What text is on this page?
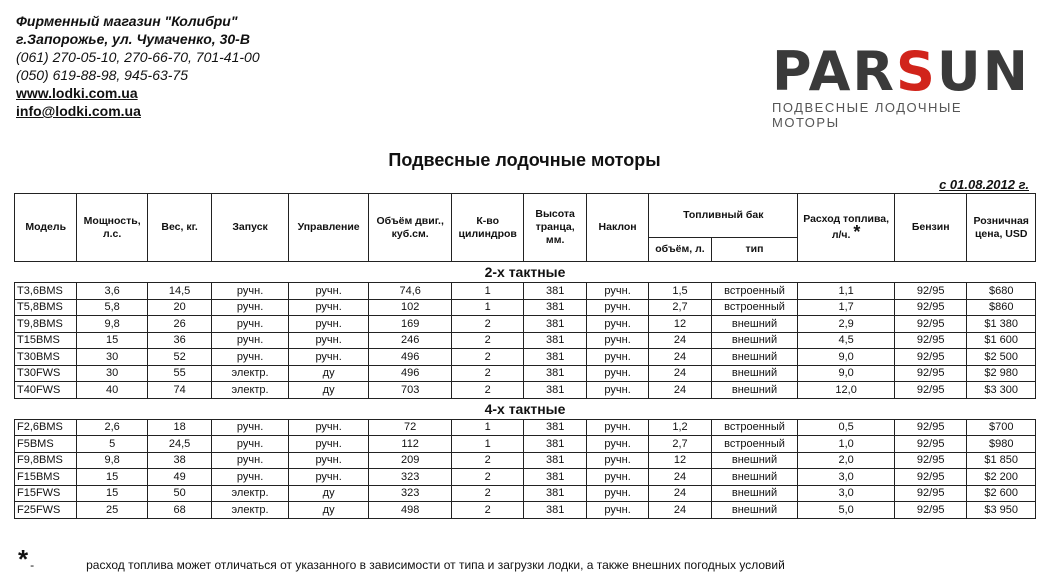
Фирменный магазин "Колибри"
г.Запорожье, ул. Чумаченко, 30-В
(061) 270-05-10, 270-66-70, 701-41-00
(050) 619-88-98, 945-63-75
www.lodki.com.ua
info@lodki.com.ua
PARSUN
ПОДВЕСНЫЕ ЛОДОЧНЫЕ МОТОРЫ
Подвесные лодочные моторы
с 01.08.2012 г.
Модель	Мощность, л.с.	Вес, кг.	Запуск	Управление	Объём двиг., куб.см.	К-во цилиндров	Высота транца, мм.	Наклон	Топливный бак		Расход топлива, л/ч. *	Бензин	Розничная цена, USD
									объём, л.	тип			
2-х тактные													
T3,6BMS	3,6	14,5	ручн.	ручн.	74,6	1	381	ручн.	1,5	встроенный	1,1	92/95	$680
T5,8BMS	5,8	20	ручн.	ручн.	102	1	381	ручн.	2,7	встроенный	1,7	92/95	$860
T9,8BMS	9,8	26	ручн.	ручн.	169	2	381	ручн.	12	внешний	2,9	92/95	$1 380
T15BMS	15	36	ручн.	ручн.	246	2	381	ручн.	24	внешний	4,5	92/95	$1 600
T30BMS	30	52	ручн.	ручн.	496	2	381	ручн.	24	внешний	9,0	92/95	$2 500
T30FWS	30	55	электр.	ду	496	2	381	ручн.	24	внешний	9,0	92/95	$2 980
T40FWS	40	74	электр.	ду	703	2	381	ручн.	24	внешний	12,0	92/95	$3 300
4-х тактные													
F2,6BMS	2,6	18	ручн.	ручн.	72	1	381	ручн.	1,2	встроенный	0,5	92/95	$700
F5BMS	5	24,5	ручн.	ручн.	112	1	381	ручн.	2,7	встроенный	1,0	92/95	$980
F9,8BMS	9,8	38	ручн.	ручн.	209	2	381	ручн.	12	внешний	2,0	92/95	$1 850
F15BMS	15	49	ручн.	ручн.	323	2	381	ручн.	24	внешний	3,0	92/95	$2 200
F15FWS	15	50	электр.	ду	323	2	381	ручн.	24	внешний	3,0	92/95	$2 600
F25FWS	25	68	электр.	ду	498	2	381	ручн.	24	внешний	5,0	92/95	$3 950
* -	расход топлива может отличаться от указанного в зависимости от типа и загрузки лодки, а также внешних погодных условий
